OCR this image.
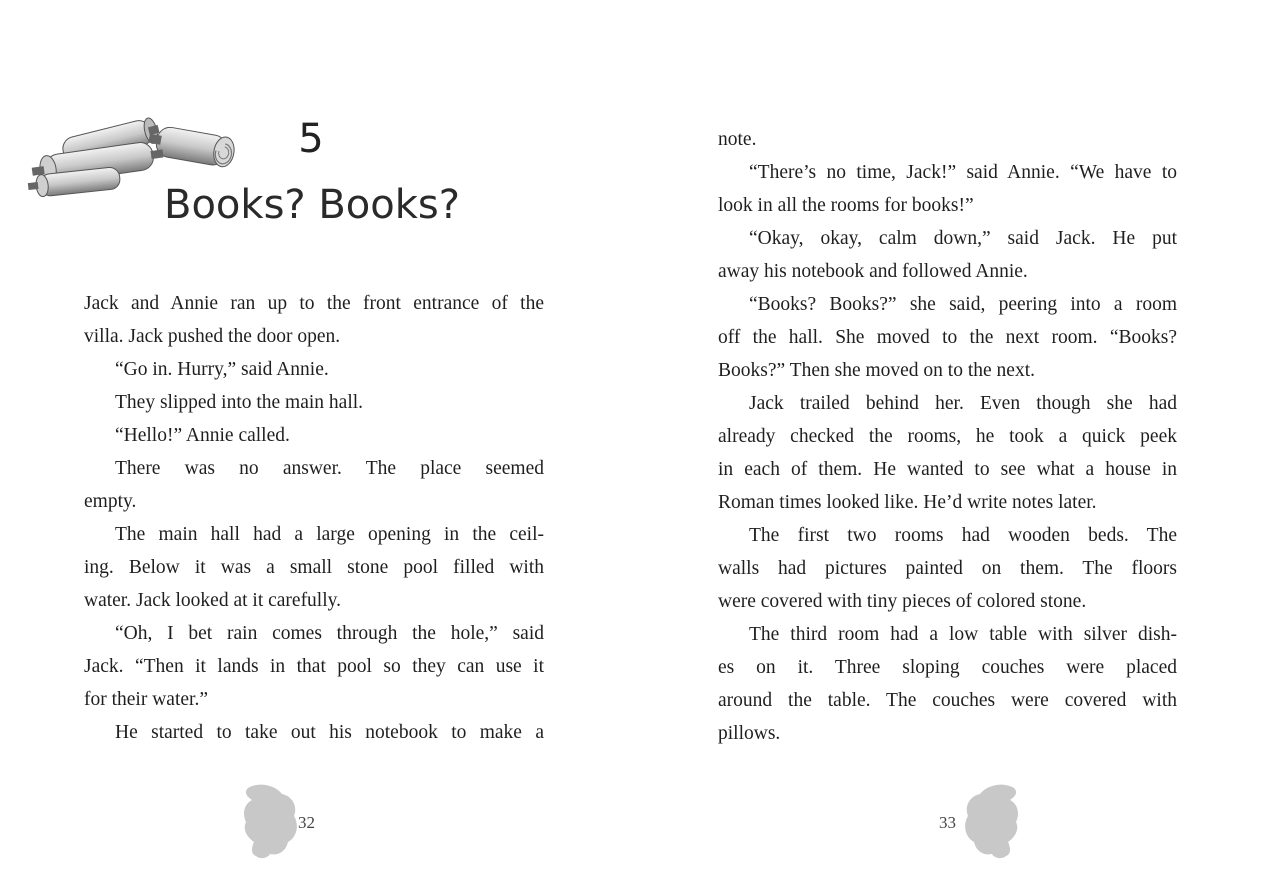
5
Books? Books?
Jack and Annie ran up to the front entrance of the
villa. Jack pushed the door open.
“Go in. Hurry,” said Annie.
They slipped into the main hall.
“Hello!” Annie called.
There was no answer. The place seemed
empty.
The main hall had a large opening in the ceil-
ing. Below it was a small stone pool filled with
water. Jack looked at it carefully.
“Oh, I bet rain comes through the hole,” said
Jack. “Then it lands in that pool so they can use it
for their water.”
He started to take out his notebook to make a
32
note.
“There’s no time, Jack!” said Annie. “We have to
look in all the rooms for books!”
“Okay, okay, calm down,” said Jack. He put
away his notebook and followed Annie.
“Books? Books?” she said, peering into a room
off the hall. She moved to the next room. “Books?
Books?” Then she moved on to the next.
Jack trailed behind her. Even though she had
already checked the rooms, he took a quick peek
in each of them. He wanted to see what a house in
Roman times looked like. He’d write notes later.
The first two rooms had wooden beds. The
walls had pictures painted on them. The floors
were covered with tiny pieces of colored stone.
The third room had a low table with silver dish-
es on it. Three sloping couches were placed
around the table. The couches were covered with
pillows.
33
